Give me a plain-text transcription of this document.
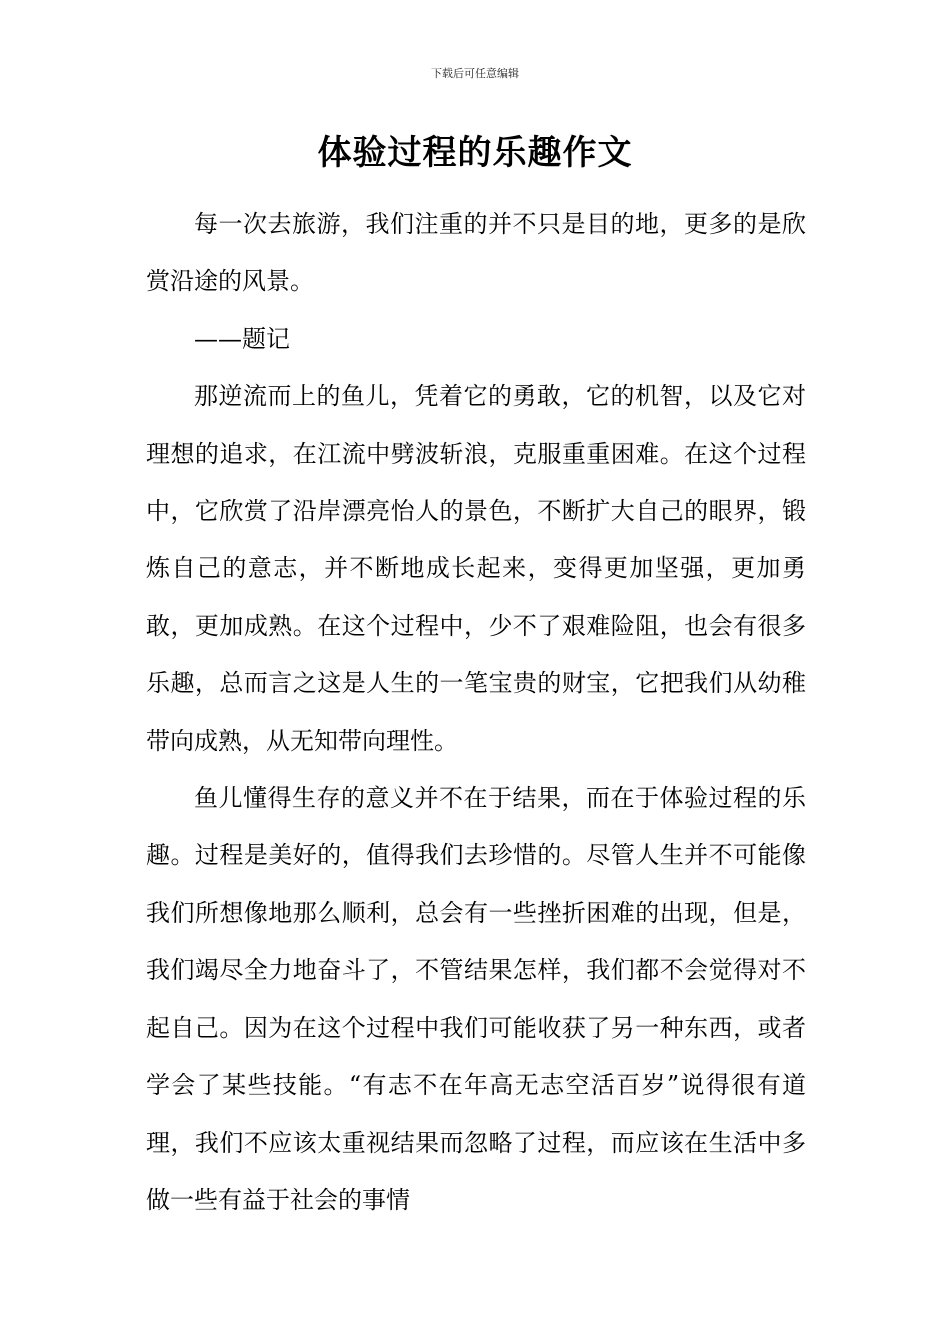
下载后可任意编辑
体验过程的乐趣作文

每一次去旅游，我们注重的并不只是目的地，更多的是欣赏沿途的风景。

——题记

那逆流而上的鱼儿，凭着它的勇敢，它的机智，以及它对理想的追求，在江流中劈波斩浪，克服重重困难。在这个过程中，它欣赏了沿岸漂亮怡人的景色，不断扩大自己的眼界，锻炼自己的意志，并不断地成长起来，变得更加坚强，更加勇敢，更加成熟。在这个过程中，少不了艰难险阻，也会有很多乐趣，总而言之这是人生的一笔宝贵的财宝，它把我们从幼稚带向成熟，从无知带向理性。

鱼儿懂得生存的意义并不在于结果，而在于体验过程的乐趣。过程是美好的，值得我们去珍惜的。尽管人生并不可能像我们所想像地那么顺利，总会有一些挫折困难的出现，但是，我们竭尽全力地奋斗了，不管结果怎样，我们都不会觉得对不起自己。因为在这个过程中我们可能收获了另一种东西，或者学会了某些技能。“有志不在年高无志空活百岁”说得很有道理，我们不应该太重视结果而忽略了过程，而应该在生活中多做一些有益于社会的事情
